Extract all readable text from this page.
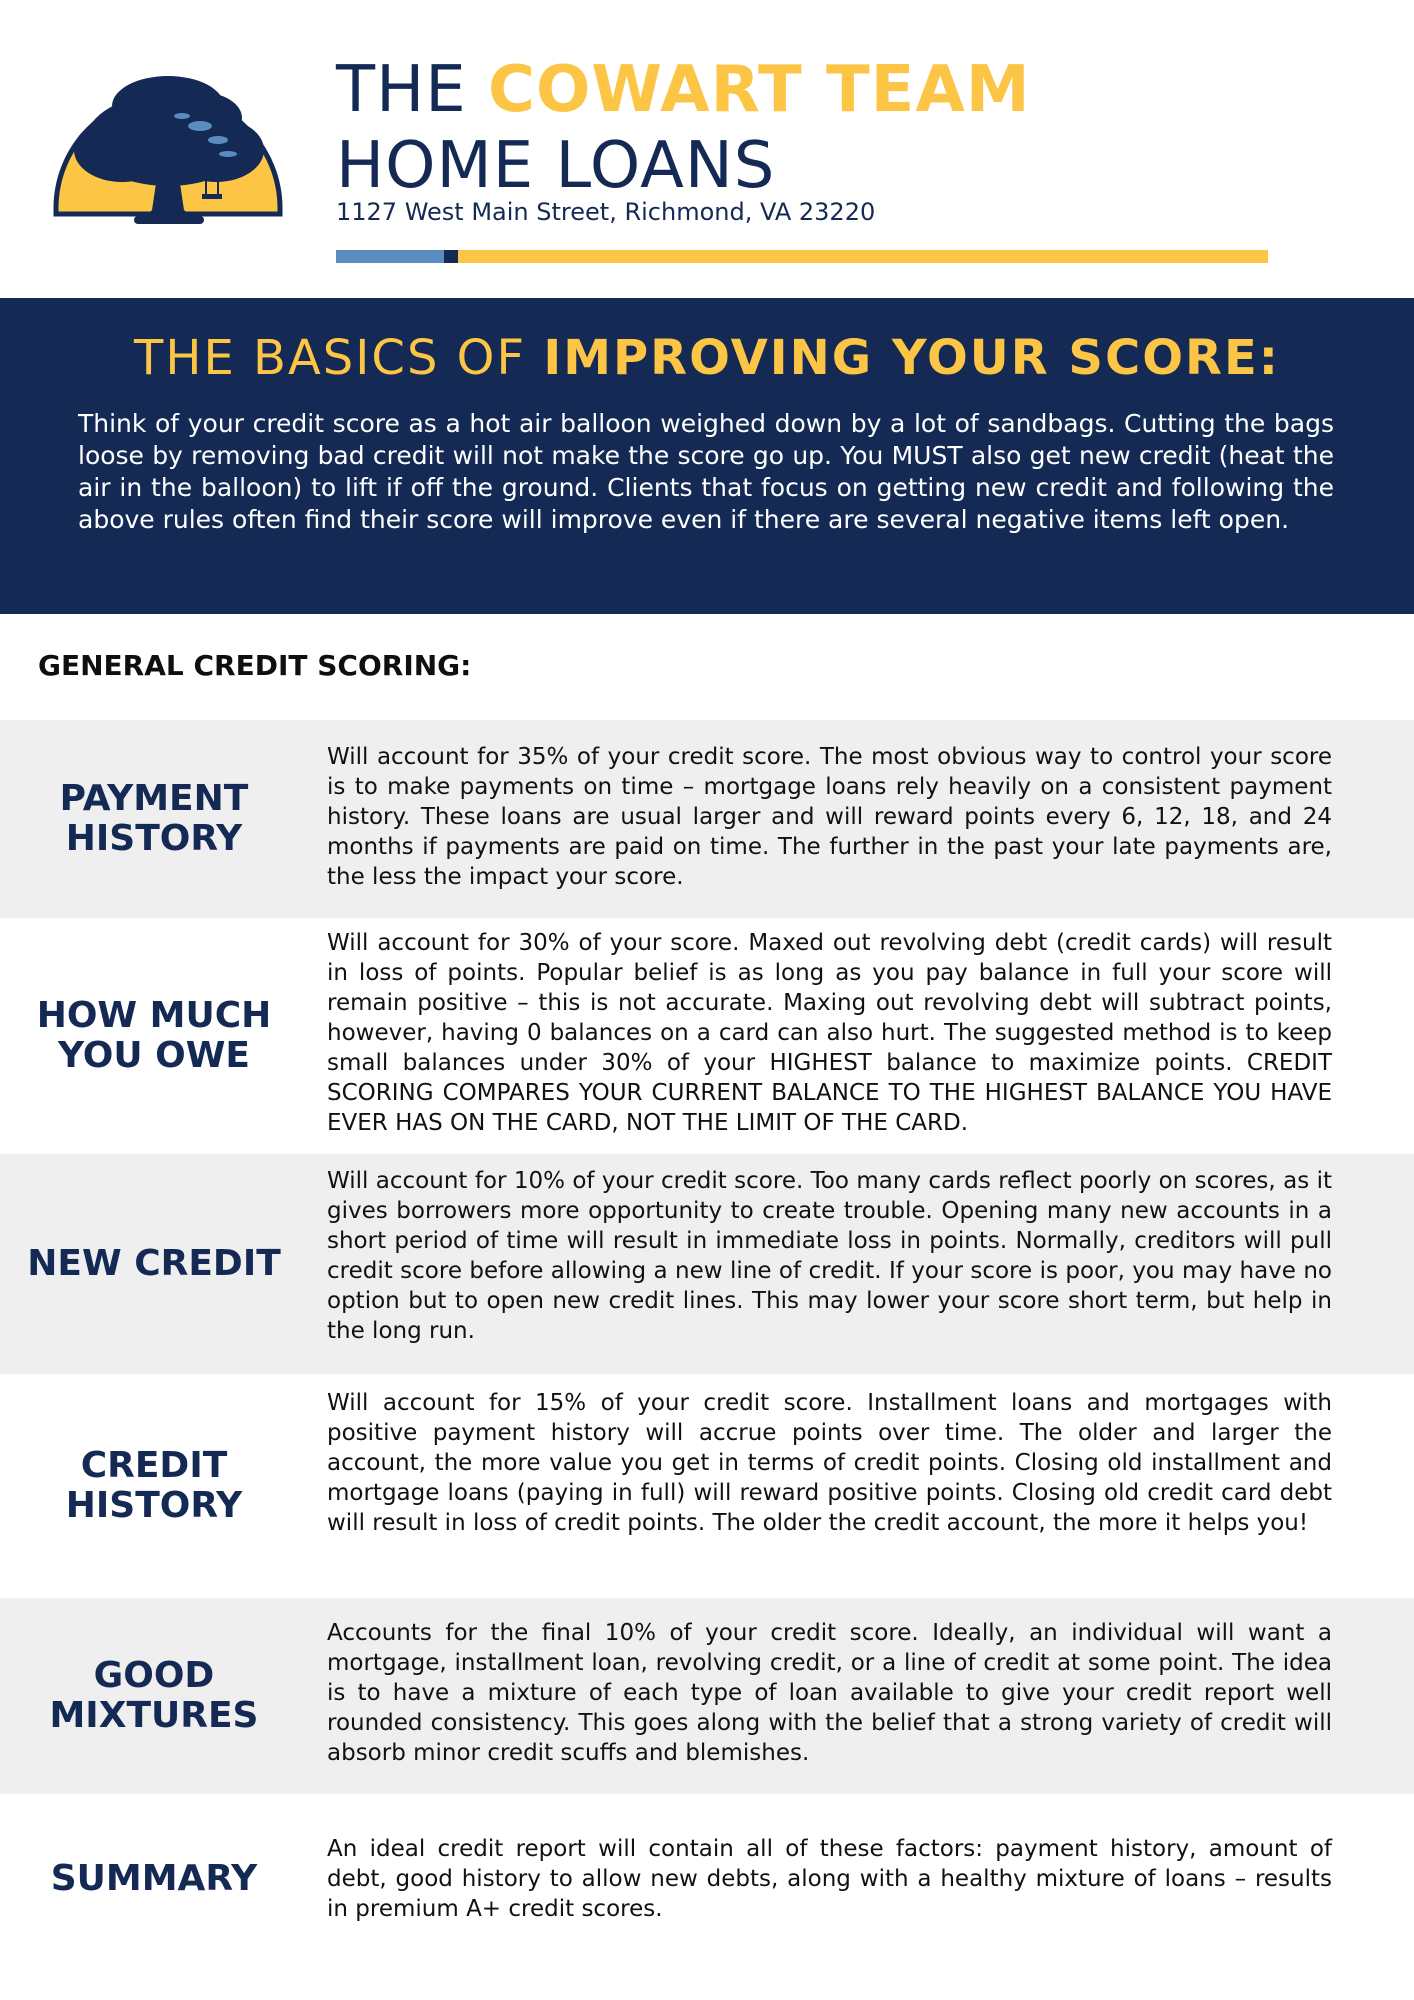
THE COWART TEAM
HOME LOANS
1127 West Main Street, Richmond, VA 23220
THE BASICS OF IMPROVING YOUR SCORE:
Think of your credit score as a hot air balloon weighed down by a lot of sandbags. Cutting the bags loose by removing bad credit will not make the score go up. You MUST also get new credit (heat the air in the balloon) to lift if off the ground. Clients that focus on getting new credit and following the above rules often find their score will improve even if there are several negative items left open.
GENERAL CREDIT SCORING:
PAYMENT HISTORY
Will account for 35% of your credit score. The most obvious way to control your score is to make payments on time – mortgage loans rely heavily on a consistent payment history. These loans are usual larger and will reward points every 6, 12, 18, and 24 months if payments are paid on time. The further in the past your late payments are, the less the impact your score.
HOW MUCH YOU OWE
Will account for 30% of your score. Maxed out revolving debt (credit cards) will result in loss of points. Popular belief is as long as you pay balance in full your score will remain positive – this is not accurate. Maxing out revolving debt will subtract points, however, having 0 balances on a card can also hurt. The suggested method is to keep small balances under 30% of your HIGHEST balance to maximize points. CREDIT SCORING COMPARES YOUR CURRENT BALANCE TO THE HIGHEST BALANCE YOU HAVE EVER HAS ON THE CARD, NOT THE LIMIT OF THE CARD.
NEW CREDIT
Will account for 10% of your credit score. Too many cards reflect poorly on scores, as it gives borrowers more opportunity to create trouble. Opening many new accounts in a short period of time will result in immediate loss in points. Normally, creditors will pull credit score before allowing a new line of credit. If your score is poor, you may have no option but to open new credit lines. This may lower your score short term, but help in the long run.
CREDIT HISTORY
Will account for 15% of your credit score. Installment loans and mortgages with positive payment history will accrue points over time. The older and larger the account, the more value you get in terms of credit points. Closing old installment and mortgage loans (paying in full) will reward positive points. Closing old credit card debt will result in loss of credit points. The older the credit account, the more it helps you!
GOOD MIXTURES
Accounts for the final 10% of your credit score. Ideally, an individual will want a mortgage, installment loan, revolving credit, or a line of credit at some point. The idea is to have a mixture of each type of loan available to give your credit report well rounded consistency. This goes along with the belief that a strong variety of credit will absorb minor credit scuffs and blemishes.
SUMMARY
An ideal credit report will contain all of these factors: payment history, amount of debt, good history to allow new debts, along with a healthy mixture of loans – results in premium A+ credit scores.
